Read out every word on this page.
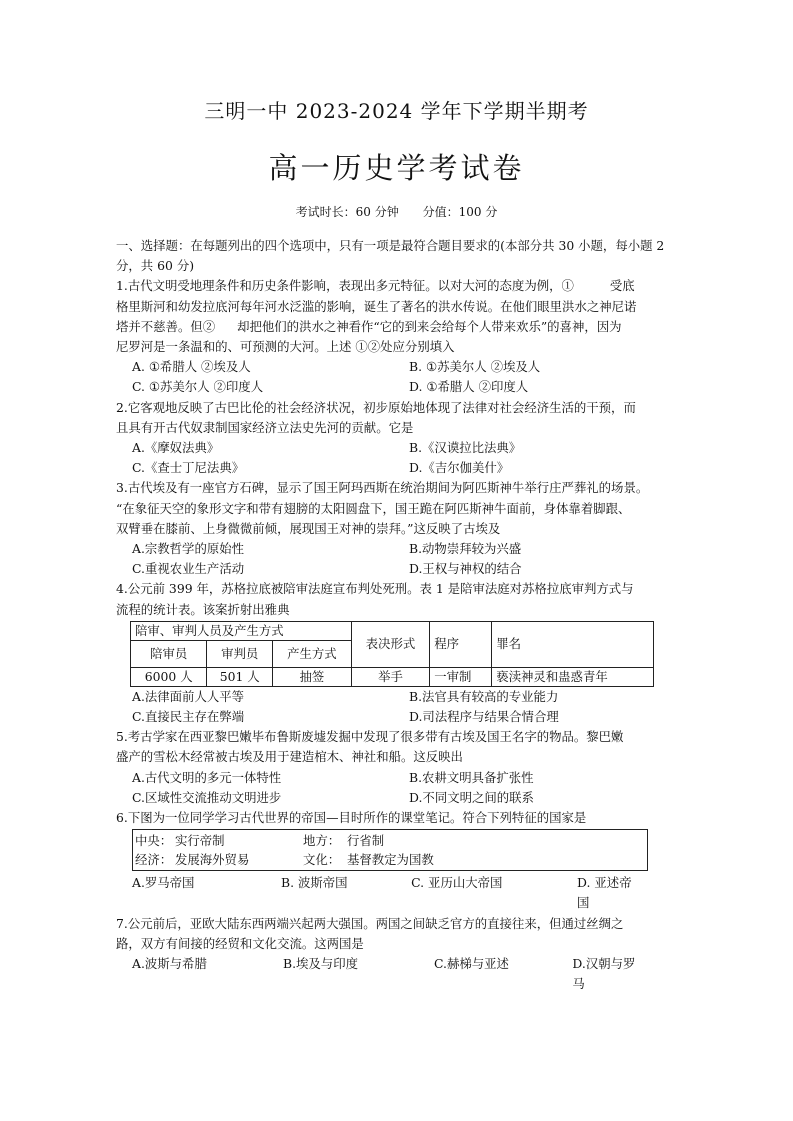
三明一中 2023-2024 学年下学期半期考
高一历史学考试卷
考试时长：60 分钟 分值：100 分

一、选择题：在每题列出的四个选项中，只有一项是最符合题目要求的(本部分共 30 小题，每小题 2 分，共 60 分)

1.古代文明受地理条件和历史条件影响，表现出多元特征。以对大河的态度为例，①	受底

格里斯河和幼发拉底河每年河水泛滥的影响，诞生了著名的洪水传说。在他们眼里洪水之神尼诺

塔并不慈善。但② 却把他们的洪水之神看作“它的到来会给每个人带来欢乐”的喜神，因为

尼罗河是一条温和的、可预测的大河。上述 ①②处应分别填入

A. ①希腊人 ②埃及人	B. ①苏美尔人 ②埃及人
C. ①苏美尔人 ②印度人	D. ①希腊人 ②印度人

2.它客观地反映了古巴比伦的社会经济状况，初步原始地体现了法律对社会经济生活的干预，而

且具有开古代奴隶制国家经济立法史先河的贡献。它是

A.《摩奴法典》	B.《汉谟拉比法典》
C.《查士丁尼法典》	D.《吉尔伽美什》

3.古代埃及有一座官方石碑，显示了国王阿玛西斯在统治期间为阿匹斯神牛举行庄严葬礼的场景。

“在象征天空的象形文字和带有翅膀的太阳圆盘下，国王跪在阿匹斯神牛面前，身体靠着脚跟、

双臂垂在膝前、上身微微前倾，展现国王对神的崇拜。”这反映了古埃及

A.宗教哲学的原始性	B.动物崇拜较为兴盛
C.重视农业生产活动	D.王权与神权的结合

4.公元前 399 年，苏格拉底被陪审法庭宣布判处死刑。表 1 是陪审法庭对苏格拉底审判方式与

流程的统计表。该案折射出雅典

陪审、审判人员及产生方式			表决形式	程序	罪名
陪审员	审判员	产生方式			
6000 人	501 人	抽签	举手	一审制	亵渎神灵和蛊惑青年
A.法律面前人人平等	B.法官具有较高的专业能力
C.直接民主存在弊端	D.司法程序与结果合情合理

5.考古学家在西亚黎巴嫩毕布鲁斯废墟发掘中发现了很多带有古埃及国王名字的物品。黎巴嫩

盛产的雪松木经常被古埃及用于建造棺木、神社和船。这反映出

A.古代文明的多元一体特性	B.农耕文明具备扩张性
C.区域性交流推动文明进步	D.不同文明之间的联系

6.下图为一位同学学习古代世界的帝国—目时所作的课堂笔记。符合下列特征的国家是

中央： 实行帝制	地方： 行省制
经济： 发展海外贸易	文化： 基督教定为国教
A.罗马帝国	B. 波斯帝国	C. 亚历山大帝国	D. 亚述帝国

7.公元前后，亚欧大陆东西两端兴起两大强国。两国之间缺乏官方的直接往来，但通过丝绸之

路，双方有间接的经贸和文化交流。这两国是

A.波斯与希腊	B.埃及与印度	C.赫梯与亚述	D.汉朝与罗马
